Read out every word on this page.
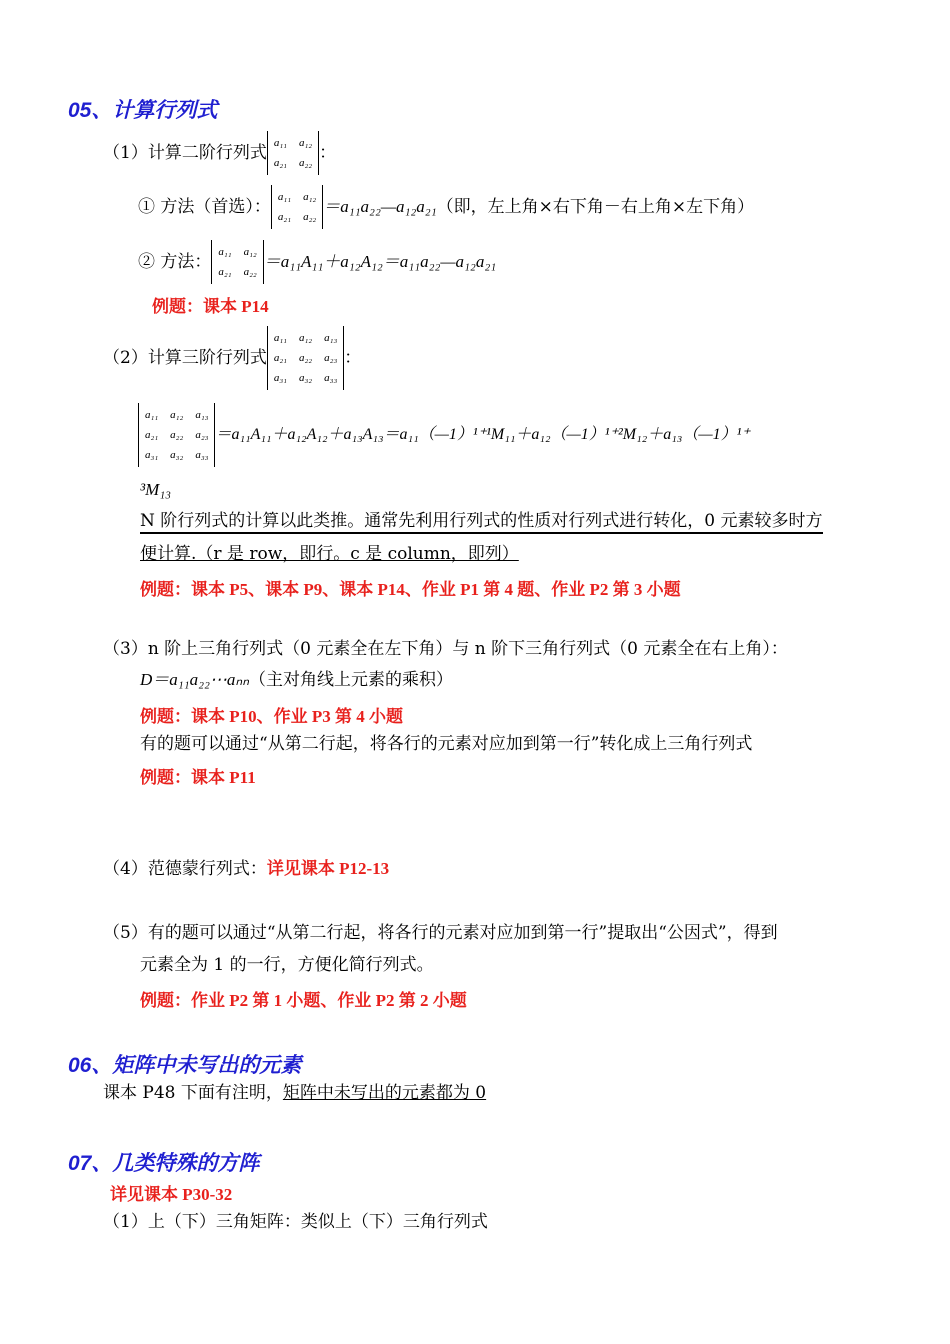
05、计算行列式
（1）计算二阶行列式 a₁₁	a₁₂
a₂₁	a₂₂ ：
① 方法（首选）： a₁₁	a₁₂
a₂₁	a₂₂
＝a₁₁a₂₂—a₁₂a₂₁（即，左上角×右下角－右上角×左下角）
② 方法： a₁₁	a₁₂
a₂₁	a₂₂
＝a₁₁A₁₁＋a₁₂A₁₂＝a₁₁a₂₂—a₁₂a₂₁
例题：课本 P14
（2）计算三阶行列式
a₁₁	a₁₂	a₁₃
a₂₁	a₂₂	a₂₃
a₃₁	a₃₂	a₃₃
：
a₁₁	a₁₂	a₁₃
a₂₁	a₂₂	a₂₃
a₃₁	a₃₂	a₃₃
＝a₁₁A₁₁＋a₁₂A₁₂＋a₁₃A₁₃＝a₁₁（—1）¹⁺¹M₁₁＋a₁₂（—1）¹⁺²M₁₂＋a₁₃（—1）¹⁺
³M₁₃
N 阶行列式的计算以此类推。通常先利用行列式的性质对行列式进行转化，0 元素较多时方
便计算.（r 是 row，即行。c 是 column，即列）
例题：课本 P5、课本 P9、课本 P14、作业 P1 第 4 题、作业 P2 第 3 小题
（3）n 阶上三角行列式（0 元素全在左下角）与 n 阶下三角行列式（0 元素全在右上角）：
D＝a₁₁a₂₂⋯aₙₙ（主对角线上元素的乘积）
例题：课本 P10、作业 P3 第 4 小题
有的题可以通过“从第二行起，将各行的元素对应加到第一行”转化成上三角行列式
例题：课本 P11
（4）范德蒙行列式：详见课本 P12-13
（5）有的题可以通过“从第二行起，将各行的元素对应加到第一行”提取出“公因式”，得到
元素全为 1 的一行，方便化简行列式。
例题：作业 P2 第 1 小题、作业 P2 第 2 小题
06、矩阵中未写出的元素
课本 P48 下面有注明，矩阵中未写出的元素都为 0
07、几类特殊的方阵
详见课本 P30-32
（1）上（下）三角矩阵：类似上（下）三角行列式
